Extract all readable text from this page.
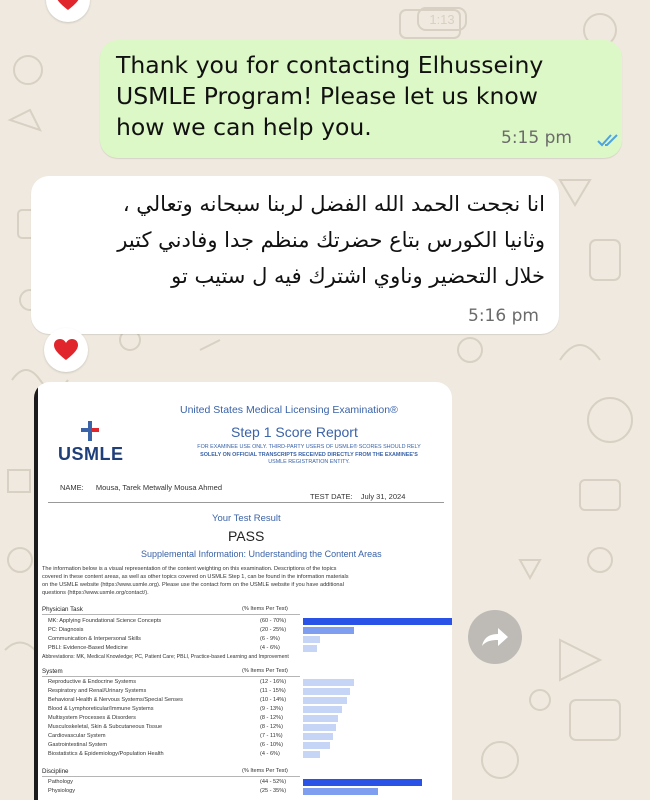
1:13
Thank you for contacting Elhusseiny
USMLE Program! Please let us know
how we can help you.	5:15 pm
انا نجحت الحمد الله الفضل لربنا سبحانه وتعالي ،
وثانيا الكورس بتاع حضرتك منظم جدا وفادني كتير
خلال التحضير وناوي اشترك فيه ل ستيب تو
5:16 pm
United States Medical Licensing Examination®
Step 1 Score Report
USMLE	FOR EXAMINEE USE ONLY. THIRD-PARTY USERS OF USMLE® SCORES SHOULD RELY
SOLELY ON OFFICIAL TRANSCRIPTS RECEIVED DIRECTLY FROM THE EXAMINEE'S
USMLE REGISTRATION ENTITY.
NAME: Mousa, Tarek Metwally Mousa Ahmed
TEST DATE: July 31, 2024
Your Test Result
PASS
Supplemental Information: Understanding the Content Areas
The information below is a visual representation of the content weighting on this examination. Descriptions of the topics
covered in these content areas, as well as other topics covered on USMLE Step 1, can be found in the information materials
on the USMLE website (https://www.usmle.org). Please use the contact form on the USMLE website if you have additional
questions (https://www.usmle.org/contact/).
Physician Task	(% Items Per Test)
MK: Applying Foundational Science Concepts	(60 - 70%)
PC: Diagnosis	(20 - 25%)
Communication & Interpersonal Skills	(6 - 9%)
PBLI: Evidence-Based Medicine	(4 - 6%)
Abbreviations: MK, Medical Knowledge; PC, Patient Care; PBLI, Practice-based Learning and Improvement
System	(% Items Per Test)
Reproductive & Endocrine Systems	(12 - 16%)
Respiratory and Renal/Urinary Systems	(11 - 15%)
Behavioral Health & Nervous Systems/Special Senses	(10 - 14%)
Blood & Lymphoreticular/Immune Systems	(9 - 13%)
Multisystem Processes & Disorders	(8 - 12%)
Musculoskeletal, Skin & Subcutaneous Tissue	(8 - 12%)
Cardiovascular System	(7 - 11%)
Gastrointestinal System	(6 - 10%)
Biostatistics & Epidemiology/Population Health	(4 - 6%)
Discipline	(% Items Per Test)
Pathology	(44 - 52%)
Physiology	(25 - 35%)
